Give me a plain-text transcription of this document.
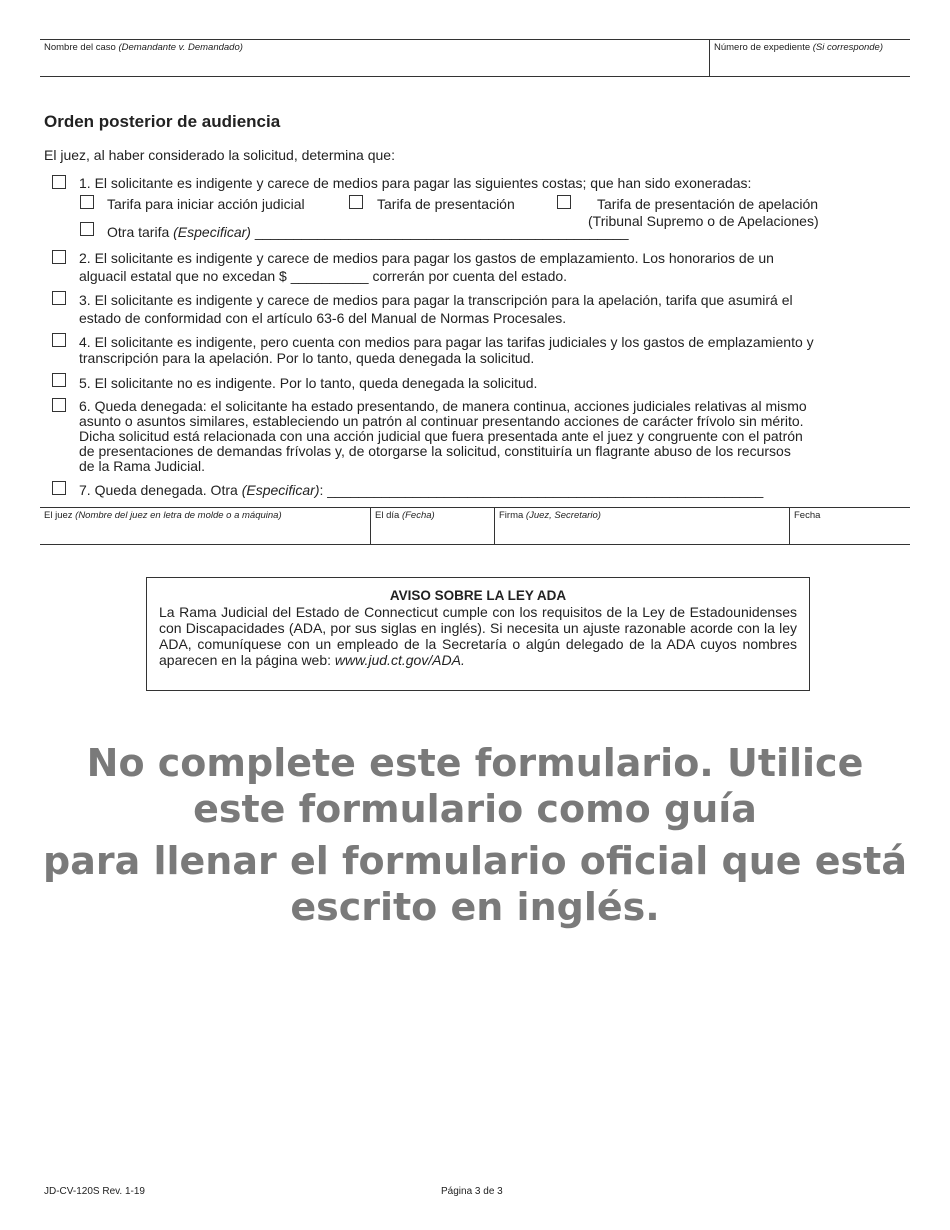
Nombre del caso (Demandante v. Demandado)	Número de expediente (Si corresponde)
Orden posterior de audiencia
El juez, al haber considerado la solicitud, determina que:
1. El solicitante es indigente y carece de medios para pagar las siguientes costas; que han sido exoneradas:
Tarifa para iniciar acción judicial	Tarifa de presentación	Tarifa de presentación de apelación
(Tribunal Supremo o de Apelaciones)
Otra tarifa (Especificar) ________________________________________________
2. El solicitante es indigente y carece de medios para pagar los gastos de emplazamiento. Los honorarios de un
alguacil estatal que no excedan $ __________ correrán por cuenta del estado.
3. El solicitante es indigente y carece de medios para pagar la transcripción para la apelación, tarifa que asumirá el
estado de conformidad con el artículo 63-6 del Manual de Normas Procesales.
4. El solicitante es indigente, pero cuenta con medios para pagar las tarifas judiciales y los gastos de emplazamiento y
transcripción para la apelación. Por lo tanto, queda denegada la solicitud.
5. El solicitante no es indigente. Por lo tanto, queda denegada la solicitud.
6. Queda denegada: el solicitante ha estado presentando, de manera continua, acciones judiciales relativas al mismo
asunto o asuntos similares, estableciendo un patrón al continuar presentando acciones de carácter frívolo sin mérito.
Dicha solicitud está relacionada con una acción judicial que fuera presentada ante el juez y congruente con el patrón
de presentaciones de demandas frívolas y, de otorgarse la solicitud, constituiría un flagrante abuso de los recursos
de la Rama Judicial.
7. Queda denegada. Otra (Especificar): ________________________________________________________
El juez (Nombre del juez en letra de molde o a máquina)	El día (Fecha)	Firma (Juez, Secretario)	Fecha
AVISO SOBRE LA LEY ADA
La Rama Judicial del Estado de Connecticut cumple con los requisitos de la Ley de Estadounidenses con Discapacidades (ADA, por sus siglas en inglés). Si necesita un ajuste razonable acorde con la ley ADA, comuníquese con un empleado de la Secretaría o algún delegado de la ADA cuyos nombres aparecen en la página web: www.jud.ct.gov/ADA.
No complete este formulario. Utilice este formulario como guía
para llenar el formulario oficial que está escrito en inglés.
JD-CV-120S Rev. 1-19	Página 3 de 3
